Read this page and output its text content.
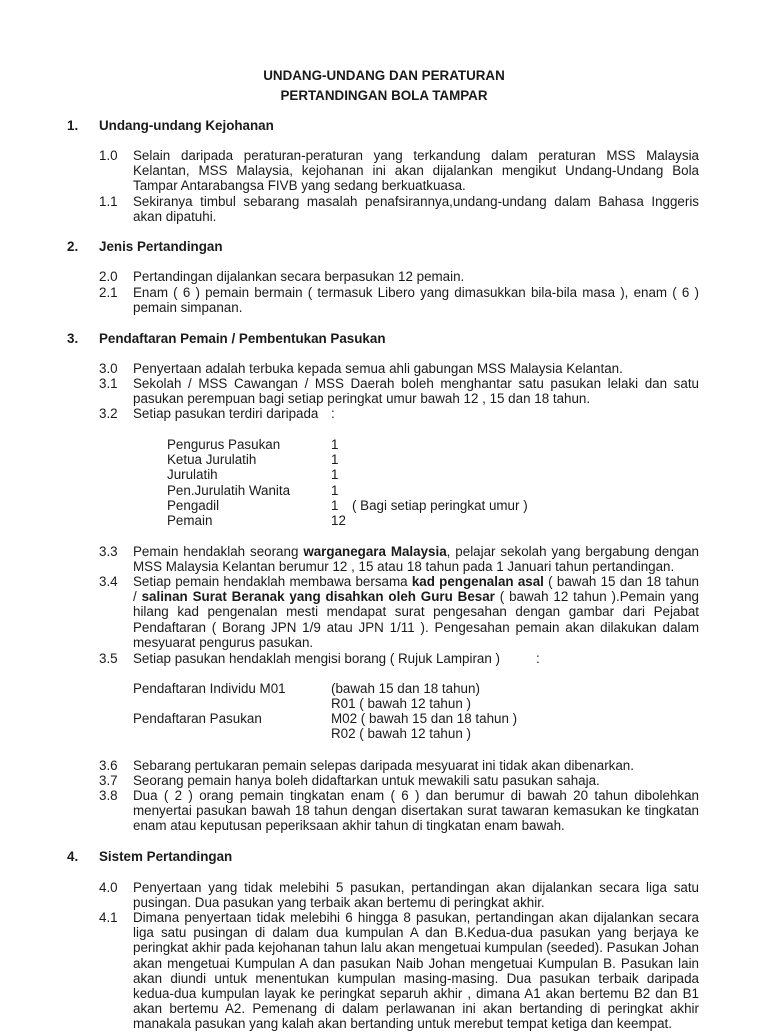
UNDANG-UNDANG DAN PERATURAN
PERTANDINGAN BOLA TAMPAR
1. Undang-undang Kejohanan
1.0 Selain daripada peraturan-peraturan yang terkandung dalam peraturan MSS Malaysia Kelantan, MSS Malaysia, kejohanan ini akan dijalankan mengikut Undang-Undang Bola Tampar Antarabangsa FIVB yang sedang berkuatkuasa.
1.1 Sekiranya timbul sebarang masalah penafsirannya,undang-undang dalam Bahasa Inggeris akan dipatuhi.
2. Jenis Pertandingan
2.0 Pertandingan dijalankan secara berpasukan 12 pemain.
2.1 Enam ( 6 ) pemain bermain ( termasuk Libero yang dimasukkan bila-bila masa ), enam ( 6 ) pemain simpanan.
3. Pendaftaran Pemain / Pembentukan Pasukan
3.0 Penyertaan adalah terbuka kepada semua ahli gabungan MSS Malaysia Kelantan.
3.1 Sekolah / MSS Cawangan / MSS Daerah boleh menghantar satu pasukan lelaki dan satu pasukan perempuan bagi setiap peringkat umur bawah 12 , 15 dan 18 tahun.
3.2 Setiap pasukan terdiri daripada :
Pengurus Pasukan	1
Ketua Jurulatih	1
Jurulatih	1
Pen.Jurulatih Wanita	1
Pengadil	1 ( Bagi setiap peringkat umur )
Pemain	12
3.3 Pemain hendaklah seorang warganegara Malaysia, pelajar sekolah yang bergabung dengan MSS Malaysia Kelantan berumur 12 , 15 atau 18 tahun pada 1 Januari tahun pertandingan.
3.4 Setiap pemain hendaklah membawa bersama kad pengenalan asal ( bawah 15 dan 18 tahun / salinan Surat Beranak yang disahkan oleh Guru Besar ( bawah 12 tahun ).Pemain yang hilang kad pengenalan mesti mendapat surat pengesahan dengan gambar dari Pejabat Pendaftaran ( Borang JPN 1/9 atau JPN 1/11 ). Pengesahan pemain akan dilakukan dalam mesyuarat pengurus pasukan.
3.5 Setiap pasukan hendaklah mengisi borang ( Rujuk Lampiran )	:
Pendaftaran Individu M01	(bawah 15 dan 18 tahun)
R01 ( bawah 12 tahun )
Pendaftaran Pasukan	M02 ( bawah 15 dan 18 tahun )
R02 ( bawah 12 tahun )
3.6 Sebarang pertukaran pemain selepas daripada mesyuarat ini tidak akan dibenarkan.
3.7 Seorang pemain hanya boleh didaftarkan untuk mewakili satu pasukan sahaja.
3.8 Dua ( 2 ) orang pemain tingkatan enam ( 6 ) dan berumur di bawah 20 tahun dibolehkan menyertai pasukan bawah 18 tahun dengan disertakan surat tawaran kemasukan ke tingkatan enam atau keputusan peperiksaan akhir tahun di tingkatan enam bawah.
4. Sistem Pertandingan
4.0 Penyertaan yang tidak melebihi 5 pasukan, pertandingan akan dijalankan secara liga satu pusingan. Dua pasukan yang terbaik akan bertemu di peringkat akhir.
4.1 Dimana penyertaan tidak melebihi 6 hingga 8 pasukan, pertandingan akan dijalankan secara liga satu pusingan di dalam dua kumpulan A dan B.Kedua-dua pasukan yang berjaya ke peringkat akhir pada kejohanan tahun lalu akan mengetuai kumpulan (seeded). Pasukan Johan akan mengetuai Kumpulan A dan pasukan Naib Johan mengetuai Kumpulan B. Pasukan lain akan diundi untuk menentukan kumpulan masing-masing. Dua pasukan terbaik daripada kedua-dua kumpulan layak ke peringkat separuh akhir , dimana A1 akan bertemu B2 dan B1 akan bertemu A2. Pemenang di dalam perlawanan ini akan bertanding di peringkat akhir manakala pasukan yang kalah akan bertanding untuk merebut tempat ketiga dan keempat.
